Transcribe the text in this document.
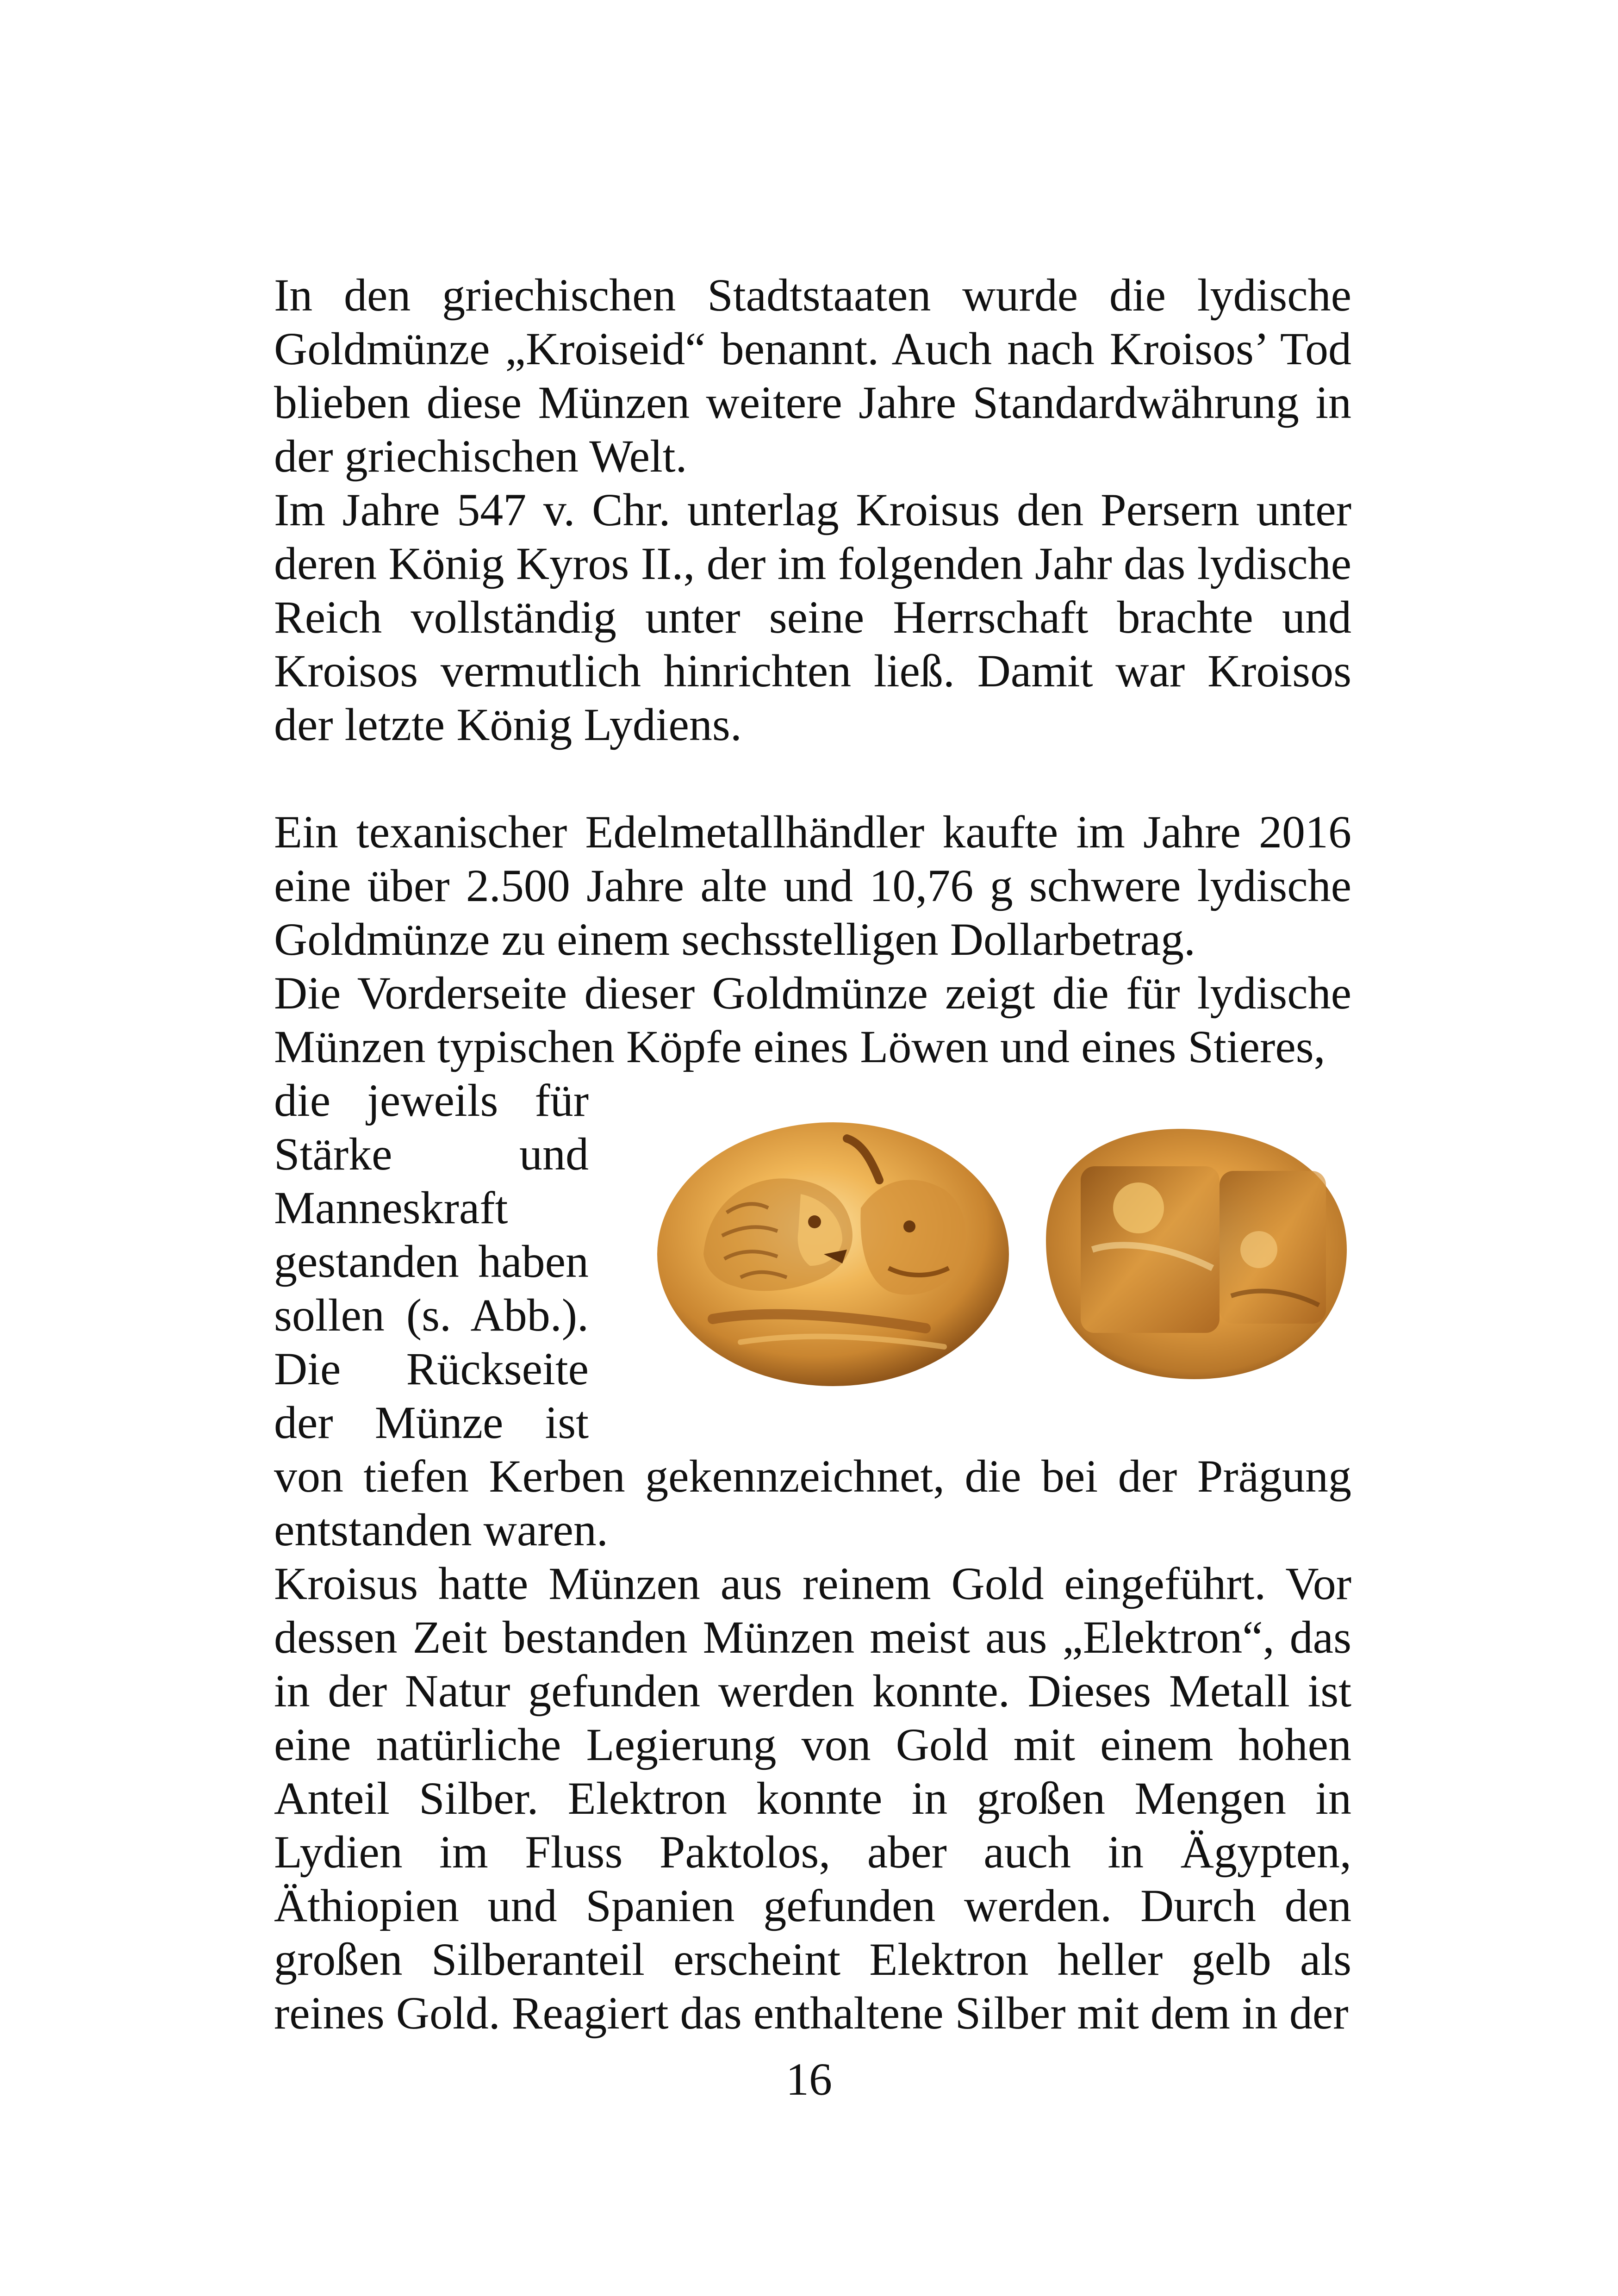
In den griechischen Stadtstaaten wurde die lydische Goldmünze „Kroiseid“ benannt. Auch nach Kroisos’ Tod blieben diese Münzen weitere Jahre Standardwährung in der griechischen Welt.

Im Jahre 547 v. Chr. unterlag Kroisus den Persern unter deren König Kyros II., der im folgenden Jahr das lydische Reich vollständig unter seine Herrschaft brachte und Kroisos vermutlich hinrichten ließ. Damit war Kroisos der letzte König Lydiens.

Ein texanischer Edelmetallhändler kaufte im Jahre 2016 eine über 2.500 Jahre alte und 10,76 g schwere lydische Goldmünze zu einem sechsstelligen Dollarbetrag.

Die Vorderseite dieser Goldmünze zeigt die für lydische Münzen typischen Köpfe eines Löwen und eines Stieres,

die jeweils für

Stärke und

Manneskraft

gestanden haben

sollen (s. Abb.).

Die Rückseite

der Münze ist

von tiefen Kerben gekennzeichnet, die bei der Prägung entstanden waren.

Kroisus hatte Münzen aus reinem Gold eingeführt. Vor dessen Zeit bestanden Münzen meist aus „Elektron“, das in der Natur gefunden werden konnte. Dieses Metall ist eine natürliche Legierung von Gold mit einem hohen Anteil Silber. Elektron konnte in großen Mengen in Lydien im Fluss Paktolos, aber auch in Ägypten, Äthiopien und Spanien gefunden werden. Durch den großen Silberanteil erscheint Elektron heller gelb als reines Gold. Reagiert das enthaltene Silber mit dem in der

16
